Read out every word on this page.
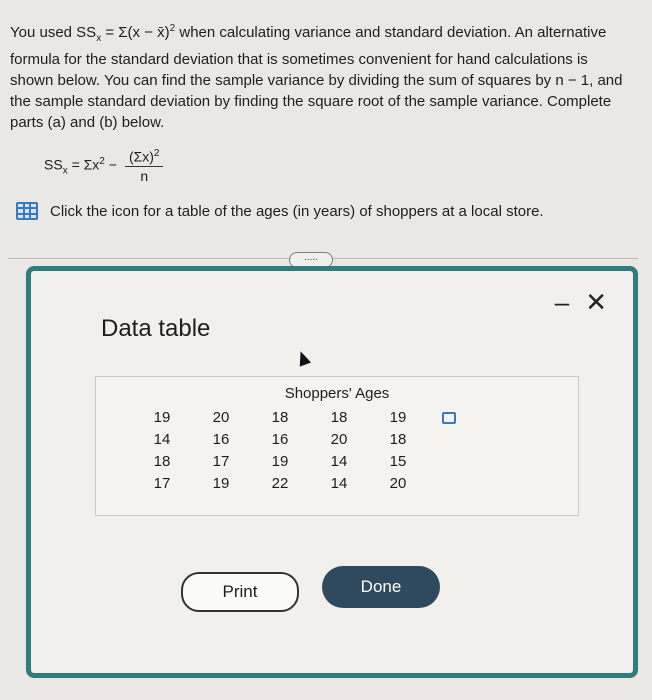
You used $SS_x = \Sigma(x$ − x̄)$^2$ when calculating variance and standard deviation. An alternative formula for the standard deviation that is sometimes convenient for hand calculations is shown below. You can find the sample variance by dividing the sum of squares by n − 1, and the sample standard deviation by finding the square root of the sample variance. Complete parts (a) and (b) below.
$SS_x = \Sigma x^2 - \frac{(\Sigma x)^2}{n}$
Click the icon for a table of the ages (in years) of shoppers at a local store.
.....
– ✕
Data table
Shoppers' Ages
19
14
18
17
20
16
17
19
18
16
19
22
18
20
14
14
19
18
15
20
Print	Done
